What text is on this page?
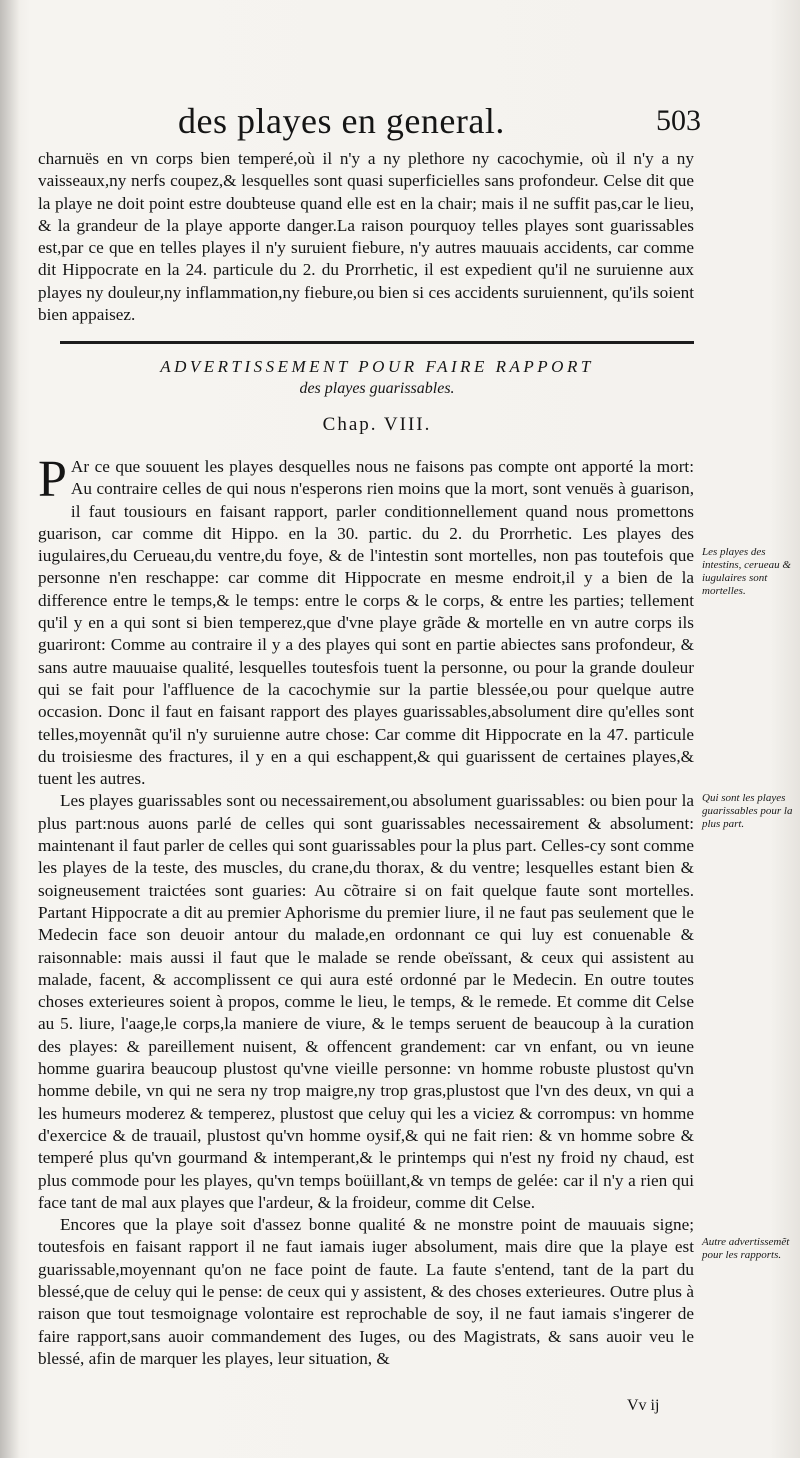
des playes en general.	503

charnuës en vn corps bien temperé,où il n'y a ny plethore ny cacochymie, où il n'y a ny vaisseaux,ny nerfs coupez,& lesquelles sont quasi superficielles sans profondeur. Celse dit que la playe ne doit point estre doubteuse quand elle est en la chair; mais il ne suffit pas,car le lieu, & la grandeur de la playe apporte danger.La raison pourquoy telles playes sont guarissables est,par ce que en telles playes il n'y suruient fiebure, n'y autres mauuais accidents, car comme dit Hippocrate en la 24. particule du 2. du Prorrhetic, il est expedient qu'il ne suruienne aux playes ny douleur,ny inflammation,ny fiebure,ou bien si ces accidents suruiennent, qu'ils soient bien appaisez.

ADVERTISSEMENT POUR FAIRE RAPPORT
des playes guarissables.
Chap. VIII.

P Ar ce que souuent les playes desquelles nous ne faisons pas compte ont apporté la mort: Au contraire celles de qui nous n'esperons rien moins que la mort, sont venuës à guarison, il faut tousiours en faisant rapport, parler conditionnellement quand nous promettons guarison, car comme dit Hippo. en la 30. partic. du 2. du Prorrhetic. Les playes des iugulaires,du Cerueau,du ventre,du foye, & de l'intestin sont mortelles, non pas toutefois que personne n'en reschappe: car comme dit Hippocrate en mesme endroit,il y a bien de la difference entre le temps,& le temps: entre le corps & le corps, & entre les parties; tellement qu'il y en a qui sont si bien temperez,que d'vne playe grãde & mortelle en vn autre corps ils guariront: Comme au contraire il y a des playes qui sont en partie abiectes sans profondeur, & sans autre mauuaise qualité, lesquelles toutesfois tuent la personne, ou pour la grande douleur qui se fait pour l'affluence de la cacochymie sur la partie blessée,ou pour quelque autre occasion. Donc il faut en faisant rapport des playes guarissables,absolument dire qu'elles sont telles,moyennãt qu'il n'y suruienne autre chose: Car comme dit Hippocrate en la 47. particule du troisiesme des fractures, il y en a qui eschappent,& qui guarissent de certaines playes,& tuent les autres.

Les playes guarissables sont ou necessairement,ou absolument guarissables: ou bien pour la plus part:nous auons parlé de celles qui sont guarissables necessairement & absolument: maintenant il faut parler de celles qui sont guarissables pour la plus part. Celles-cy sont comme les playes de la teste, des muscles, du crane,du thorax, & du ventre; lesquelles estant bien & soigneusement traictées sont guaries: Au cõtraire si on fait quelque faute sont mortelles. Partant Hippocrate a dit au premier Aphorisme du premier liure, il ne faut pas seulement que le Medecin face son deuoir antour du malade,en ordonnant ce qui luy est conuenable & raisonnable: mais aussi il faut que le malade se rende obeïssant, & ceux qui assistent au malade, facent, & accomplissent ce qui aura esté ordonné par le Medecin. En outre toutes choses exterieures soient à propos, comme le lieu, le temps, & le remede. Et comme dit Celse au 5. liure, l'aage,le corps,la maniere de viure, & le temps seruent de beaucoup à la curation des playes: & pareillement nuisent, & offencent grandement: car vn enfant, ou vn ieune homme guarira beaucoup plustost qu'vne vieille personne: vn homme robuste plustost qu'vn homme debile, vn qui ne sera ny trop maigre,ny trop gras,plustost que l'vn des deux, vn qui a les humeurs moderez & temperez, plustost que celuy qui les a viciez & corrompus: vn homme d'exercice & de trauail, plustost qu'vn homme oysif,& qui ne fait rien: & vn homme sobre & temperé plus qu'vn gourmand & intemperant,& le printemps qui n'est ny froid ny chaud, est plus commode pour les playes, qu'vn temps boüillant,& vn temps de gelée: car il n'y a rien qui face tant de mal aux playes que l'ardeur, & la froideur, comme dit Celse.

Encores que la playe soit d'assez bonne qualité & ne monstre point de mauuais signe; toutesfois en faisant rapport il ne faut iamais iuger absolument, mais dire que la playe est guarissable,moyennant qu'on ne face point de faute. La faute s'entend, tant de la part du blessé,que de celuy qui le pense: de ceux qui y assistent, & des choses exterieures. Outre plus à raison que tout tesmoignage volontaire est reprochable de soy, il ne faut iamais s'ingerer de faire rapport,sans auoir commandement des Iuges, ou des Magistrats, & sans auoir veu le blessé, afin de marquer les playes, leur situation, &

Les playes des intestins, cerueau & iugulaires sont mortelles.
Qui sont les playes guarissables pour la plus part.
Autre advertissemẽt pour les rapports.
Vv ij
